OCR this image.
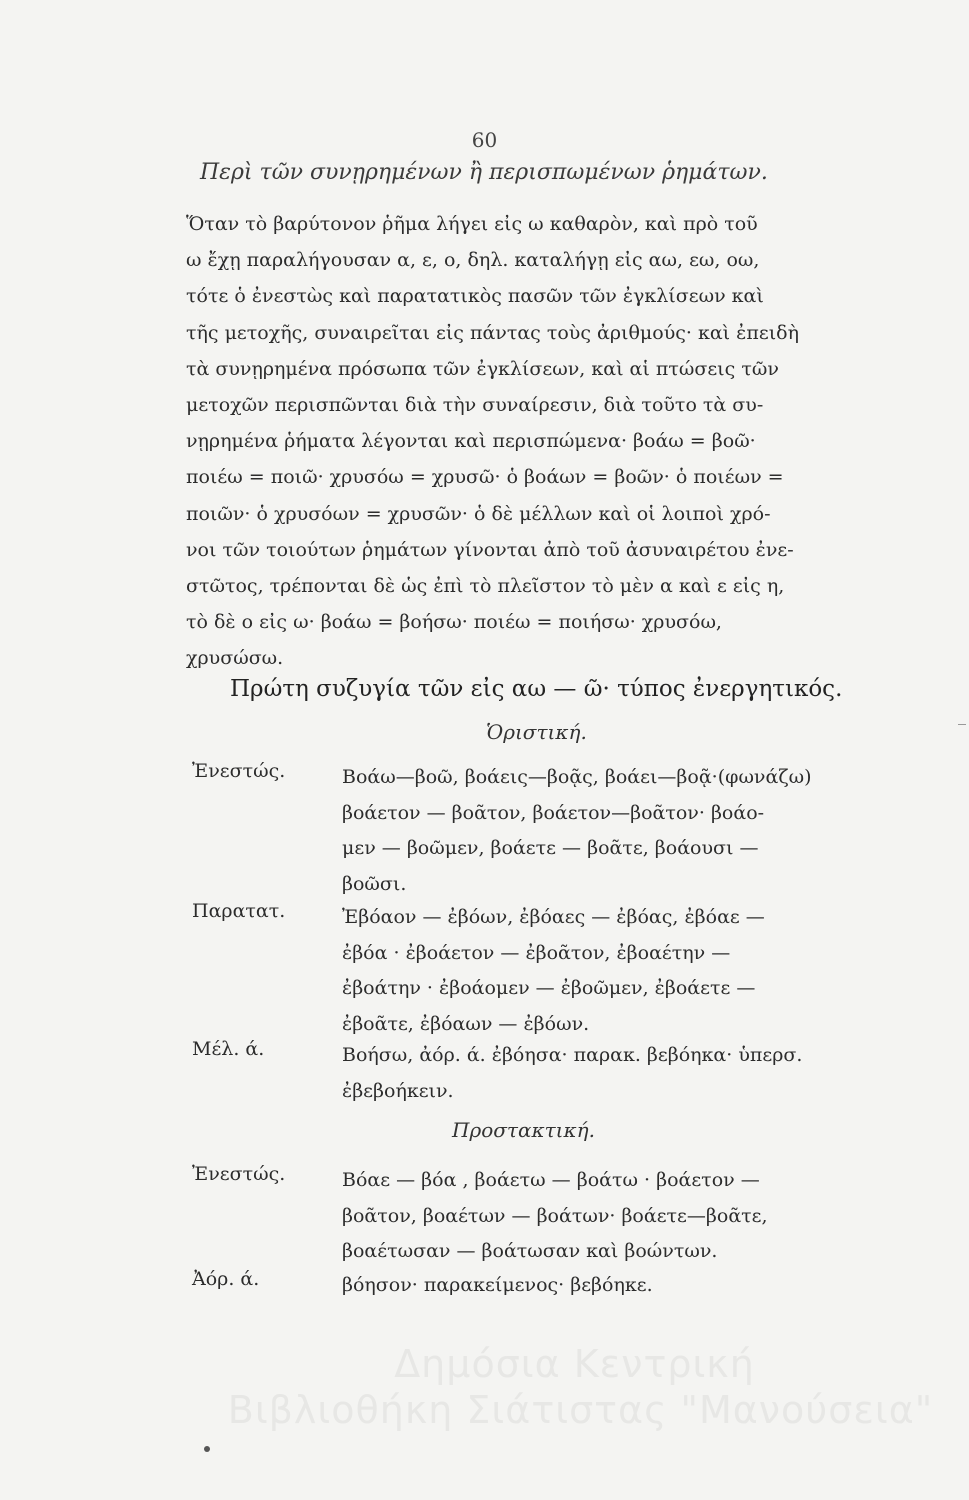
60
Περὶ τῶν συνῃρημένων ἢ περισπωμένων ῥημάτων.
Ὅταν τὸ βαρύτονον ῥῆμα λήγει εἰς ω καθαρὸν, καὶ πρὸ τοῦ
ω ἔχῃ παραλήγουσαν α, ε, ο, δηλ. καταλήγῃ εἰς αω, εω, οω,
τότε ὁ ἐνεστὼς καὶ παρατατικὸς πασῶν τῶν ἐγκλίσεων καὶ
τῆς μετοχῆς, συναιρεῖται εἰς πάντας τοὺς ἀριθμούς· καὶ ἐπειδὴ
τὰ συνῃρημένα πρόσωπα τῶν ἐγκλίσεων, καὶ αἱ πτώσεις τῶν
μετοχῶν περισπῶνται διὰ τὴν συναίρεσιν, διὰ τοῦτο τὰ συ-
νῃρημένα ῥήματα λέγονται καὶ περισπώμενα· βοάω = βοῶ·
ποιέω = ποιῶ· χρυσόω = χρυσῶ· ὁ βοάων = βοῶν· ὁ ποιέων =
ποιῶν· ὁ χρυσόων = χρυσῶν· ὁ δὲ μέλλων καὶ οἱ λοιποὶ χρό-
νοι τῶν τοιούτων ῥημάτων γίνονται ἀπὸ τοῦ ἀσυναιρέτου ἐνε-
στῶτος, τρέπονται δὲ ὡς ἐπὶ τὸ πλεῖστον τὸ μὲν α καὶ ε εἰς η,
τὸ δὲ ο εἰς ω· βοάω = βοήσω· ποιέω = ποιήσω· χρυσόω,
χρυσώσω.
Πρώτη συζυγία τῶν εἰς αω — ῶ· τύπος ἐνεργητικός.
Ὁριστική.
Ἐνεστώς.	Βοάω—βοῶ, βοάεις—βοᾷς, βοάει—βοᾷ·(φωνάζω)
βοάετον — βοᾶτον, βοάετον—βοᾶτον· βοάο-
μεν — βοῶμεν, βοάετε — βοᾶτε, βοάουσι —
βοῶσι.
Παρατατ.	Ἐβόαον — ἐβόων, ἐβόαες — ἐβόας, ἐβόαε —
ἐβόα · ἐβοάετον — ἐβοᾶτον, ἐβοαέτην —
ἐβοάτην · ἐβοάομεν — ἐβοῶμεν, ἐβοάετε —
ἐβοᾶτε, ἐβόαων — ἐβόων.
Μέλ. ά.	Βοήσω, ἀόρ. ά. ἐβόησα· παρακ. βεβόηκα· ὑπερσ.
ἐβεβοήκειν.
Προστακτική.
Ἐνεστώς.	Βόαε — βόα , βοάετω — βοάτω · βοάετον —
βοᾶτον, βοαέτων — βοάτων· βοάετε—βοᾶτε,
βοαέτωσαν — βοάτωσαν καὶ βοώντων.
Ἀόρ. ά.	βόησον· παρακείμενος· βεβόηκε.
Δημόσια Κεντρική
Βιβλιοθήκη Σιάτιστας "Μανούσεια"
